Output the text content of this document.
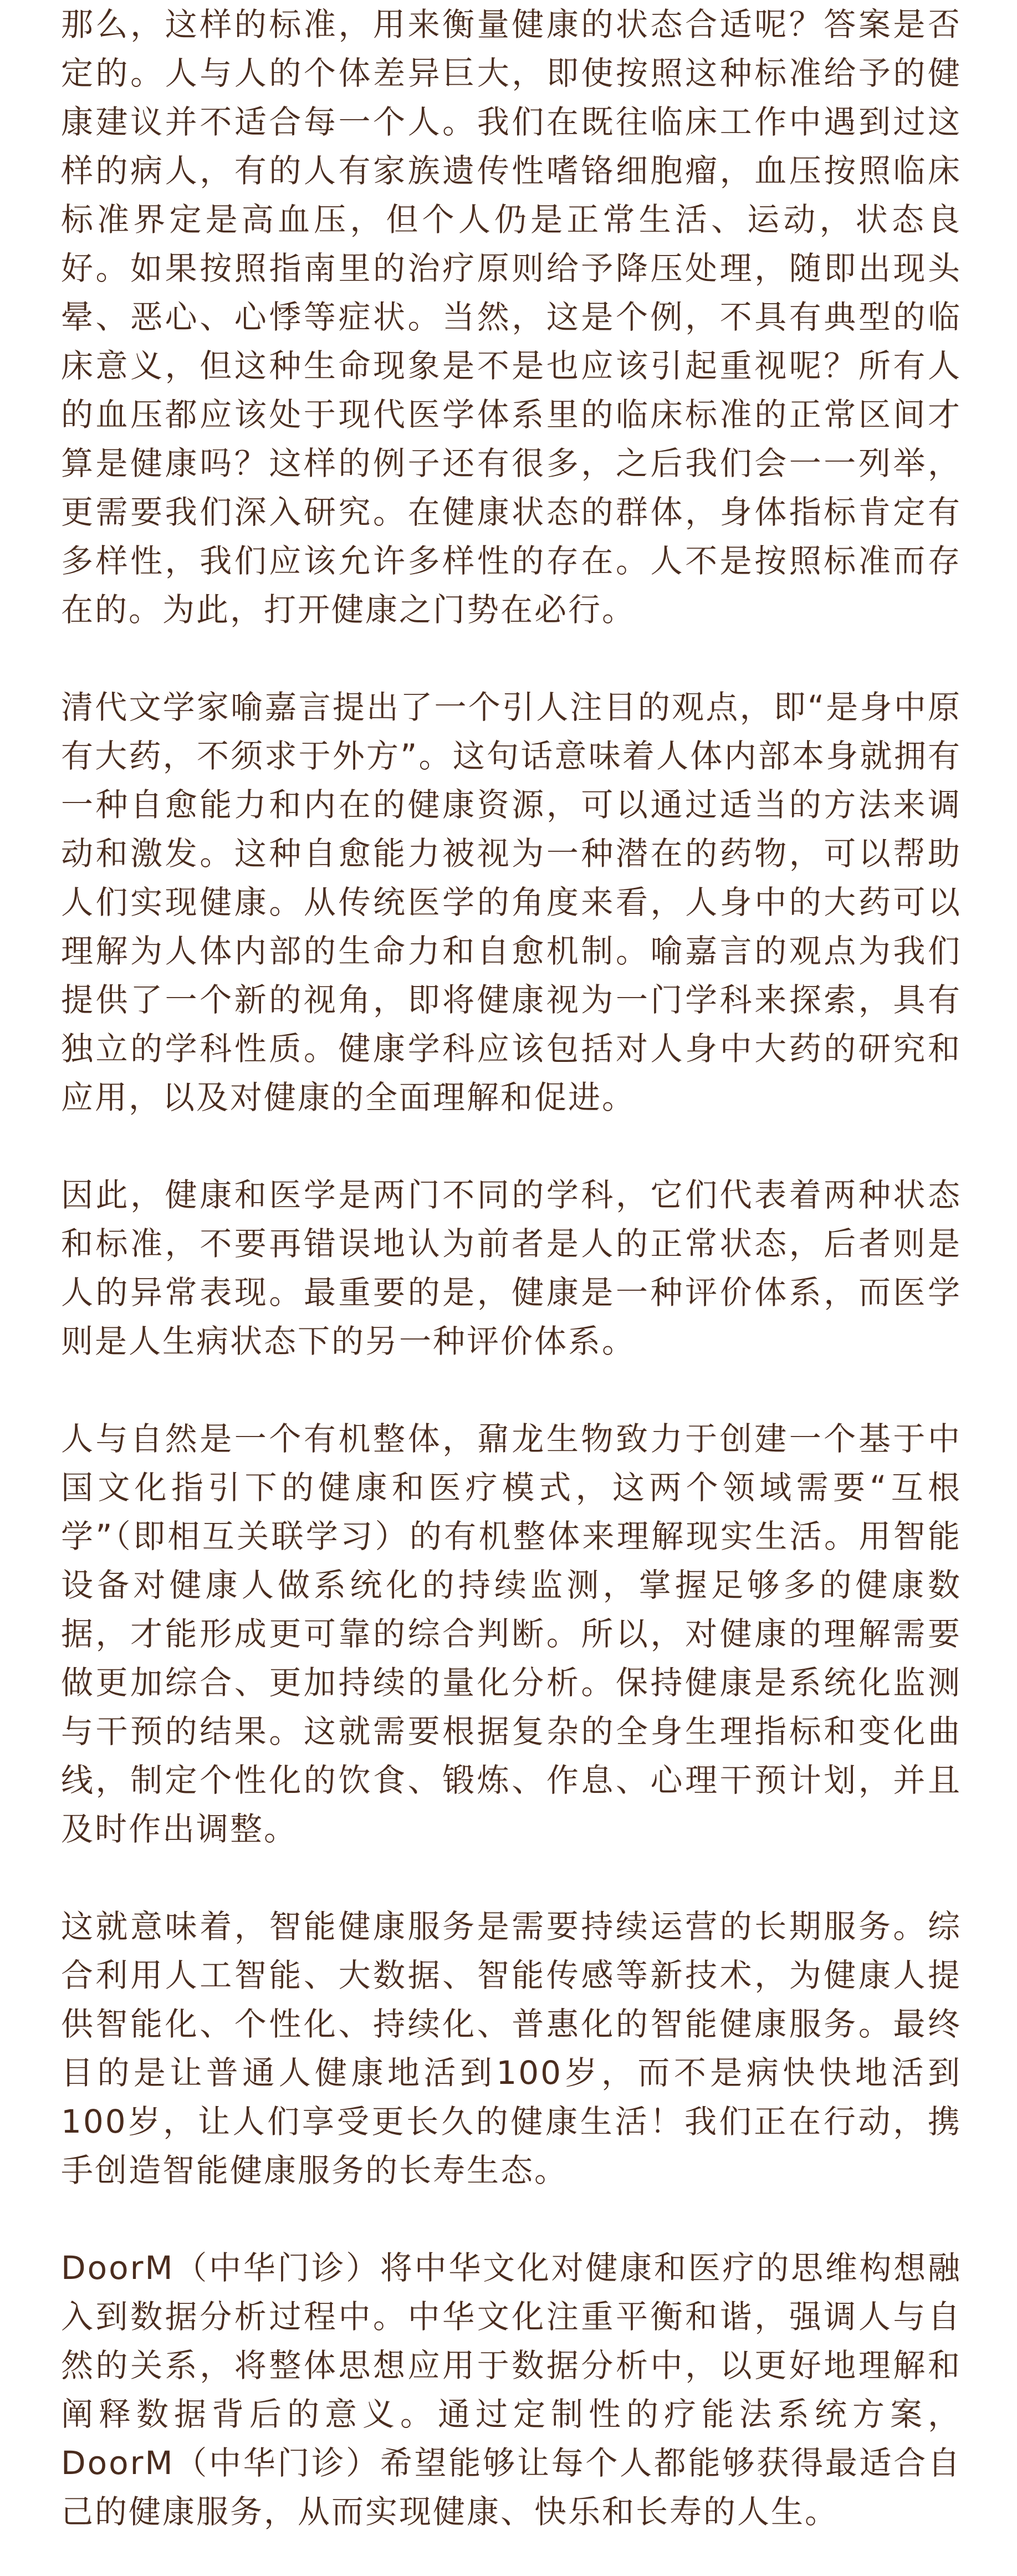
那么，这样的标准，用来衡量健康的状态合适呢？答案是否定的。人与人的个体差异巨大，即使按照这种标准给予的健康建议并不适合每一个人。我们在既往临床工作中遇到过这样的病人，有的人有家族遗传性嗜铬细胞瘤，血压按照临床标准界定是高血压，但个人仍是正常生活、运动，状态良好。如果按照指南里的治疗原则给予降压处理，随即出现头晕、恶心、心悸等症状。当然，这是个例，不具有典型的临床意义，但这种生命现象是不是也应该引起重视呢？所有人的血压都应该处于现代医学体系里的临床标准的正常区间才算是健康吗？这样的例子还有很多，之后我们会一一列举，更需要我们深入研究。在健康状态的群体，身体指标肯定有多样性，我们应该允许多样性的存在。人不是按照标准而存在的。为此，打开健康之门势在必行。

清代文学家喻嘉言提出了一个引人注目的观点，即“是身中原有大药，不须求于外方”。这句话意味着人体内部本身就拥有一种自愈能力和内在的健康资源，可以通过适当的方法来调动和激发。这种自愈能力被视为一种潜在的药物，可以帮助人们实现健康。从传统医学的角度来看，人身中的大药可以理解为人体内部的生命力和自愈机制。喻嘉言的观点为我们提供了一个新的视角，即将健康视为一门学科来探索，具有独立的学科性质。健康学科应该包括对人身中大药的研究和应用，以及对健康的全面理解和促进。

因此，健康和医学是两门不同的学科，它们代表着两种状态和标准，不要再错误地认为前者是人的正常状态，后者则是人的异常表现。最重要的是，健康是一种评价体系，而医学则是人生病状态下的另一种评价体系。

人与自然是一个有机整体，鼐龙生物致力于创建一个基于中国文化指引下的健康和医疗模式，这两个领域需要“互根学”（即相互关联学习）的有机整体来理解现实生活。用智能设备对健康人做系统化的持续监测，掌握足够多的健康数据，才能形成更可靠的综合判断。所以，对健康的理解需要做更加综合、更加持续的量化分析。保持健康是系统化监测与干预的结果。这就需要根据复杂的全身生理指标和变化曲线，制定个性化的饮食、锻炼、作息、心理干预计划，并且及时作出调整。

这就意味着，智能健康服务是需要持续运营的长期服务。综合利用人工智能、大数据、智能传感等新技术，为健康人提供智能化、个性化、持续化、普惠化的智能健康服务。最终目的是让普通人健康地活到100岁，而不是病快快地活到100岁，让人们享受更长久的健康生活！我们正在行动，携手创造智能健康服务的长寿生态。

DoorM（中华门诊）将中华文化对健康和医疗的思维构想融入到数据分析过程中。中华文化注重平衡和谐，强调人与自然的关系，将整体思想应用于数据分析中，以更好地理解和阐释数据背后的意义。通过定制性的疗能法系统方案，DoorM（中华门诊）希望能够让每个人都能够获得最适合自己的健康服务，从而实现健康、快乐和长寿的人生。
